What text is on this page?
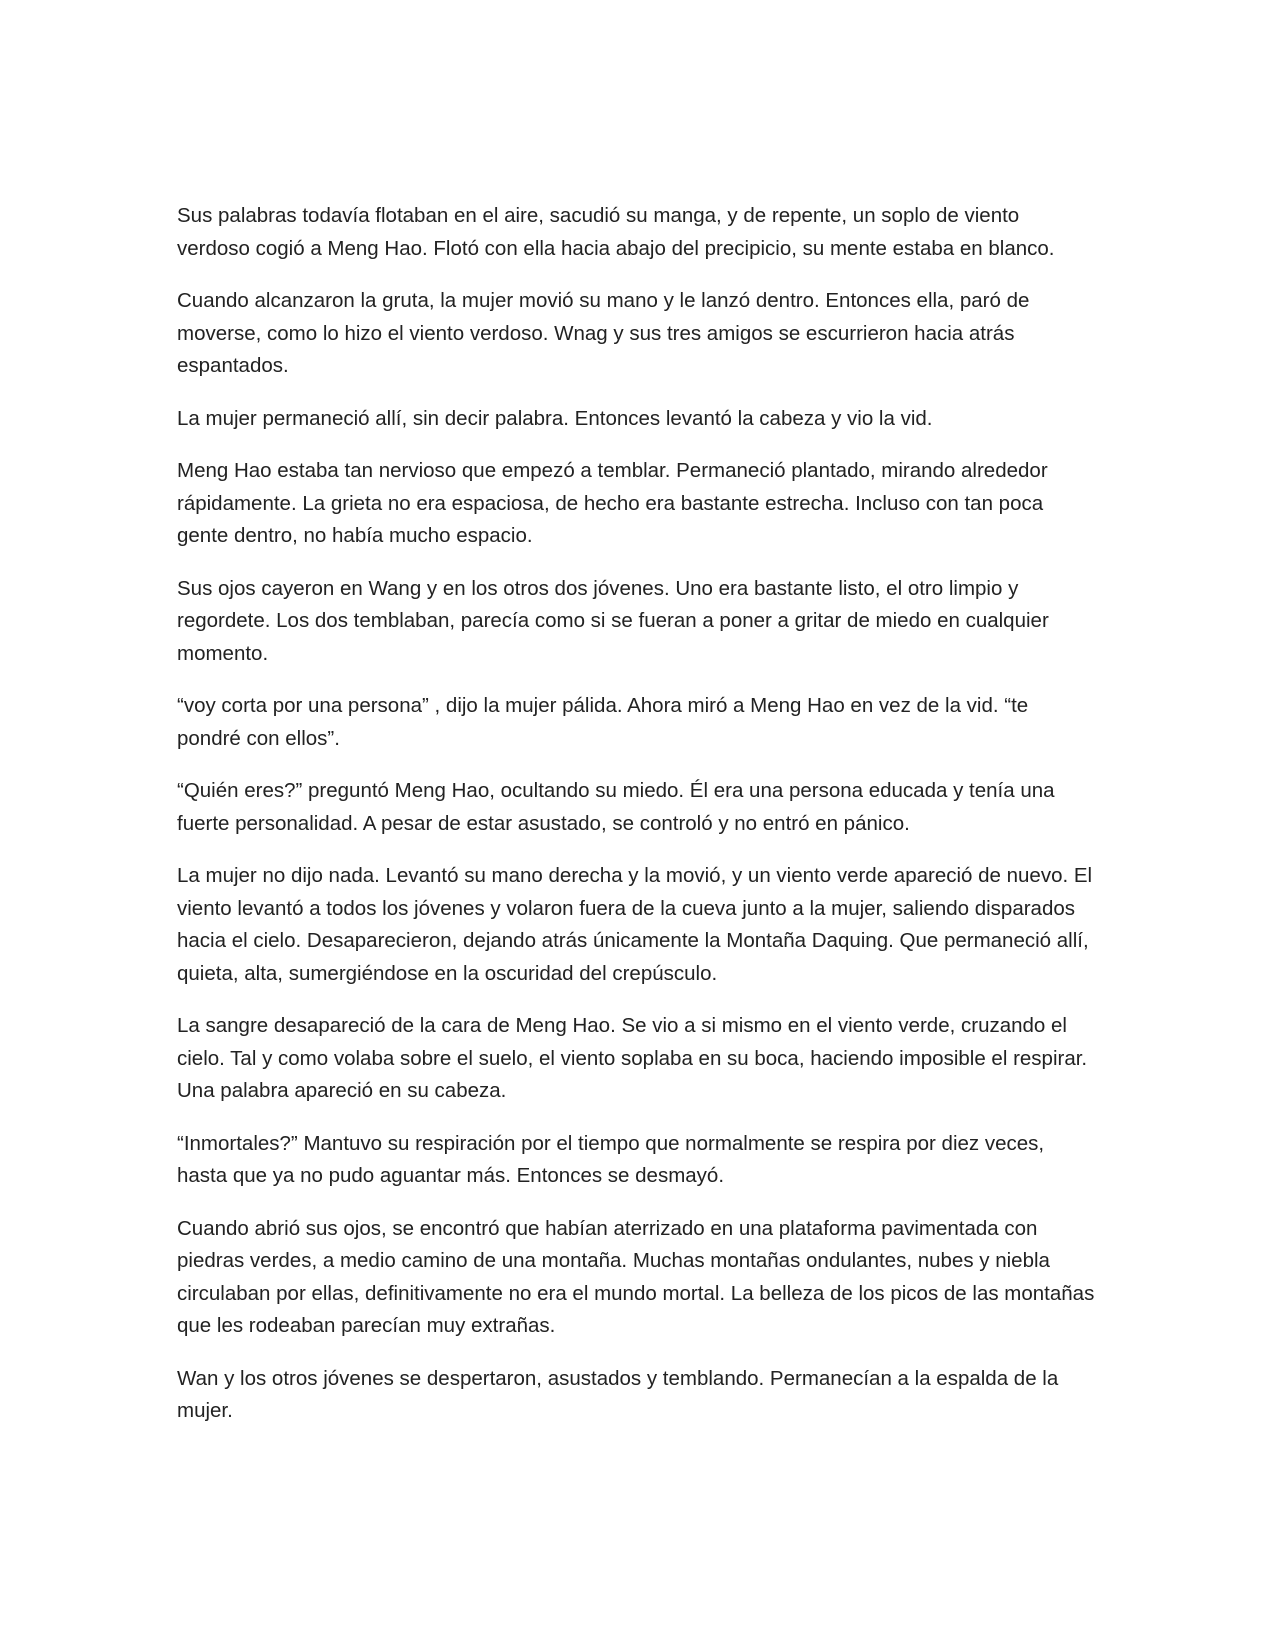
Sus palabras todavía flotaban en el aire, sacudió su manga, y de repente, un soplo de viento verdoso cogió a Meng Hao. Flotó con ella hacia abajo del precipicio, su mente estaba en blanco.

Cuando alcanzaron la gruta, la mujer movió su mano y le lanzó dentro. Entonces ella, paró de moverse, como lo hizo el viento verdoso. Wnag y sus tres amigos se escurrieron hacia atrás espantados.

La mujer permaneció allí, sin decir palabra. Entonces levantó la cabeza y vio la vid.

Meng Hao estaba tan nervioso que empezó a temblar. Permaneció plantado, mirando alrededor rápidamente. La grieta no era espaciosa, de hecho era bastante estrecha. Incluso con tan poca gente dentro, no había mucho espacio.

Sus ojos cayeron en Wang y en los otros dos jóvenes. Uno era bastante listo, el otro limpio y regordete. Los dos temblaban, parecía como si se fueran a poner a gritar de miedo en cualquier momento.

“voy corta por una persona” , dijo la mujer pálida. Ahora miró a Meng Hao en vez de la vid. “te pondré con ellos”.

“Quién eres?” preguntó Meng Hao, ocultando su miedo. Él era una persona educada y tenía una fuerte personalidad. A pesar de estar asustado, se controló y no entró en pánico.

La mujer no dijo nada. Levantó su mano derecha y la movió, y un viento verde apareció de nuevo. El viento levantó a todos los jóvenes y volaron fuera de la cueva junto a la mujer, saliendo disparados hacia el cielo. Desaparecieron, dejando atrás únicamente la Montaña Daquing. Que permaneció allí, quieta, alta, sumergiéndose en la oscuridad del crepúsculo.

La sangre desapareció de la cara de Meng Hao. Se vio a si mismo en el viento verde, cruzando el cielo. Tal y como volaba sobre el suelo, el viento soplaba en su boca, haciendo imposible el respirar. Una palabra apareció en su cabeza.

“Inmortales?” Mantuvo su respiración por el tiempo que normalmente se respira por diez veces, hasta que ya no pudo aguantar más. Entonces se desmayó.

Cuando abrió sus ojos, se encontró que habían aterrizado en una plataforma pavimentada con piedras verdes, a medio camino de una montaña. Muchas montañas ondulantes, nubes y niebla circulaban por ellas, definitivamente no era el mundo mortal. La belleza de los picos de las montañas que les rodeaban parecían muy extrañas.

Wan y los otros jóvenes se despertaron, asustados y temblando. Permanecían a la espalda de la mujer.
